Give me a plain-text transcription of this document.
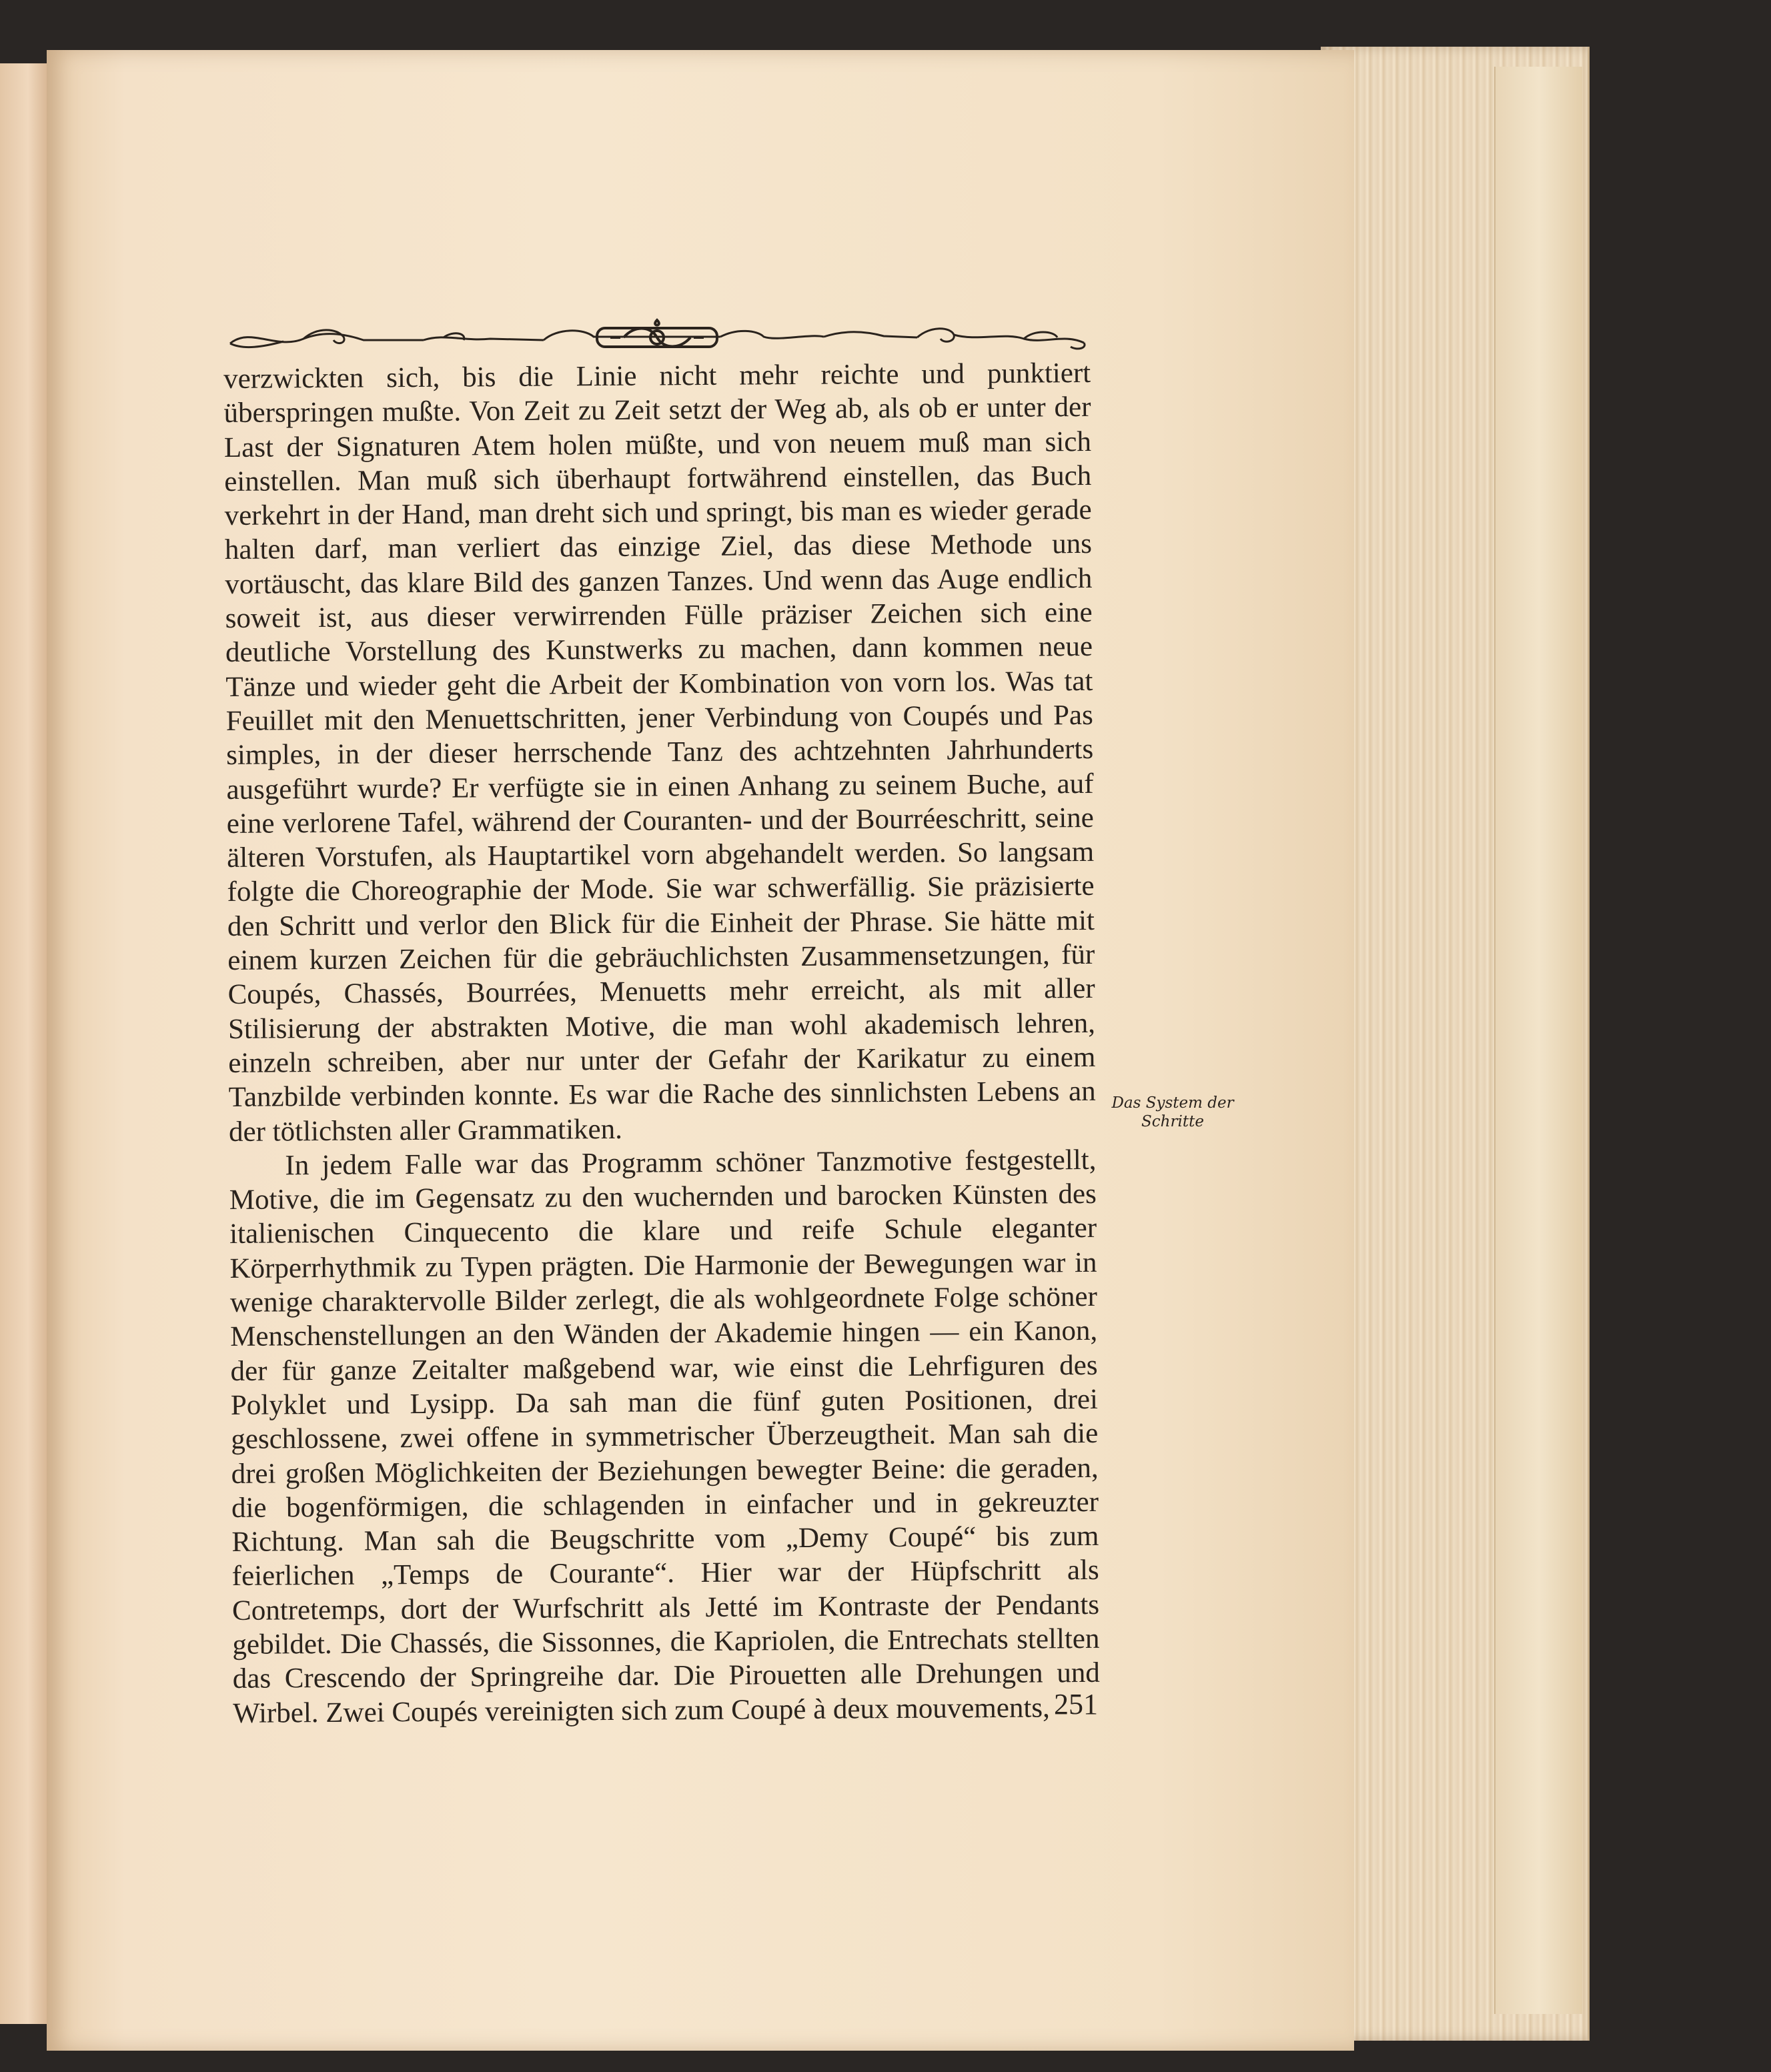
verzwickten sich, bis die Linie nicht mehr reichte und punktiert überspringen mußte. Von Zeit zu Zeit setzt der Weg ab, als ob er unter der Last der Signaturen Atem holen müßte, und von neuem muß man sich einstellen. Man muß sich überhaupt fortwährend einstellen, das Buch verkehrt in der Hand, man dreht sich und springt, bis man es wieder gerade halten darf, man verliert das einzige Ziel, das diese Methode uns vortäuscht, das klare Bild des ganzen Tanzes. Und wenn das Auge endlich soweit ist, aus dieser verwirrenden Fülle präziser Zeichen sich eine deutliche Vorstellung des Kunstwerks zu machen, dann kommen neue Tänze und wieder geht die Arbeit der Kombination von vorn los. Was tat Feuillet mit den Menuettschritten, jener Verbindung von Coupés und Pas simples, in der dieser herrschende Tanz des achtzehnten Jahrhunderts ausgeführt wurde? Er verfügte sie in einen Anhang zu seinem Buche, auf eine verlorene Tafel, während der Couranten- und der Bourréeschritt, seine älteren Vorstufen, als Hauptartikel vorn abgehandelt werden. So langsam folgte die Choreographie der Mode. Sie war schwerfällig. Sie präzisierte den Schritt und verlor den Blick für die Einheit der Phrase. Sie hätte mit einem kurzen Zeichen für die gebräuchlichsten Zusammensetzungen, für Coupés, Chassés, Bourrées, Menuetts mehr erreicht, als mit aller Stilisierung der abstrakten Motive, die man wohl akademisch lehren, einzeln schreiben, aber nur unter der Gefahr der Karikatur zu einem Tanzbilde verbinden konnte. Es war die Rache des sinnlichsten Lebens an der tötlichsten aller Grammatiken.

In jedem Falle war das Programm schöner Tanzmotive festgestellt, Motive, die im Gegensatz zu den wuchernden und barocken Künsten des italienischen Cinquecento die klare und reife Schule eleganter Körperrhythmik zu Typen prägten. Die Harmonie der Bewegungen war in wenige charaktervolle Bilder zerlegt, die als wohlgeordnete Folge schöner Menschenstellungen an den Wänden der Akademie hingen — ein Kanon, der für ganze Zeitalter maßgebend war, wie einst die Lehrfiguren des Polyklet und Lysipp. Da sah man die fünf guten Positionen, drei geschlossene, zwei offene in symmetrischer Überzeugtheit. Man sah die drei großen Möglichkeiten der Beziehungen bewegter Beine: die geraden, die bogenförmigen, die schlagenden in einfacher und in gekreuzter Richtung. Man sah die Beugschritte vom „Demy Coupé“ bis zum feierlichen „Temps de Courante“. Hier war der Hüpfschritt als Contretemps, dort der Wurfschritt als Jetté im Kontraste der Pendants gebildet. Die Chassés, die Sissonnes, die Kapriolen, die Entrechats stellten das Crescendo der Springreihe dar. Die Pirouetten alle Drehungen und Wirbel. Zwei Coupés vereinigten sich zum Coupé à deux mouvements,

Das System der Schritte
251
